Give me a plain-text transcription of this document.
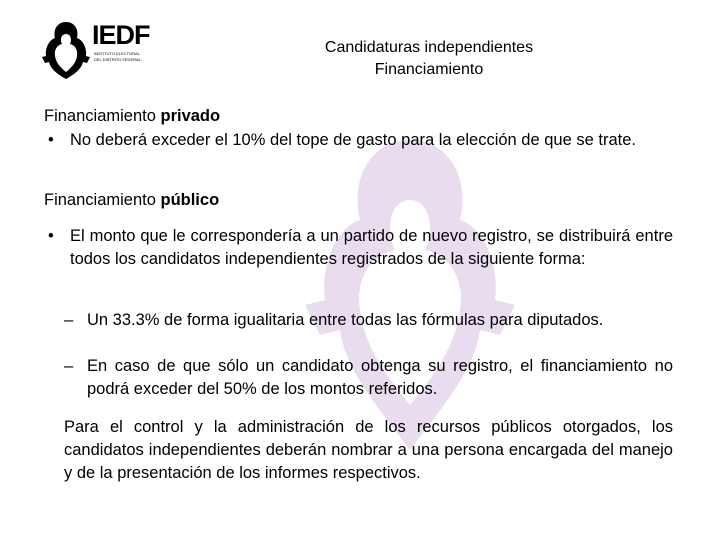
IEDF
INSTITUTO ELECTORAL
DEL DISTRITO FEDERAL
Candidaturas independientes
Financiamiento
Financiamiento privado
• No deberá exceder el 10% del tope de gasto para la elección de que se trate.
Financiamiento público
• El monto que le correspondería a un partido de nuevo registro, se distribuirá entre todos los candidatos independientes registrados de la siguiente forma:
– Un 33.3% de forma igualitaria entre todas las fórmulas para diputados.
– En caso de que sólo un candidato obtenga su registro, el financiamiento no podrá exceder del 50% de los montos referidos.
Para el control y la administración de los recursos públicos otorgados, los candidatos independientes deberán nombrar a una persona encargada del manejo y de la presentación de los informes respectivos.
